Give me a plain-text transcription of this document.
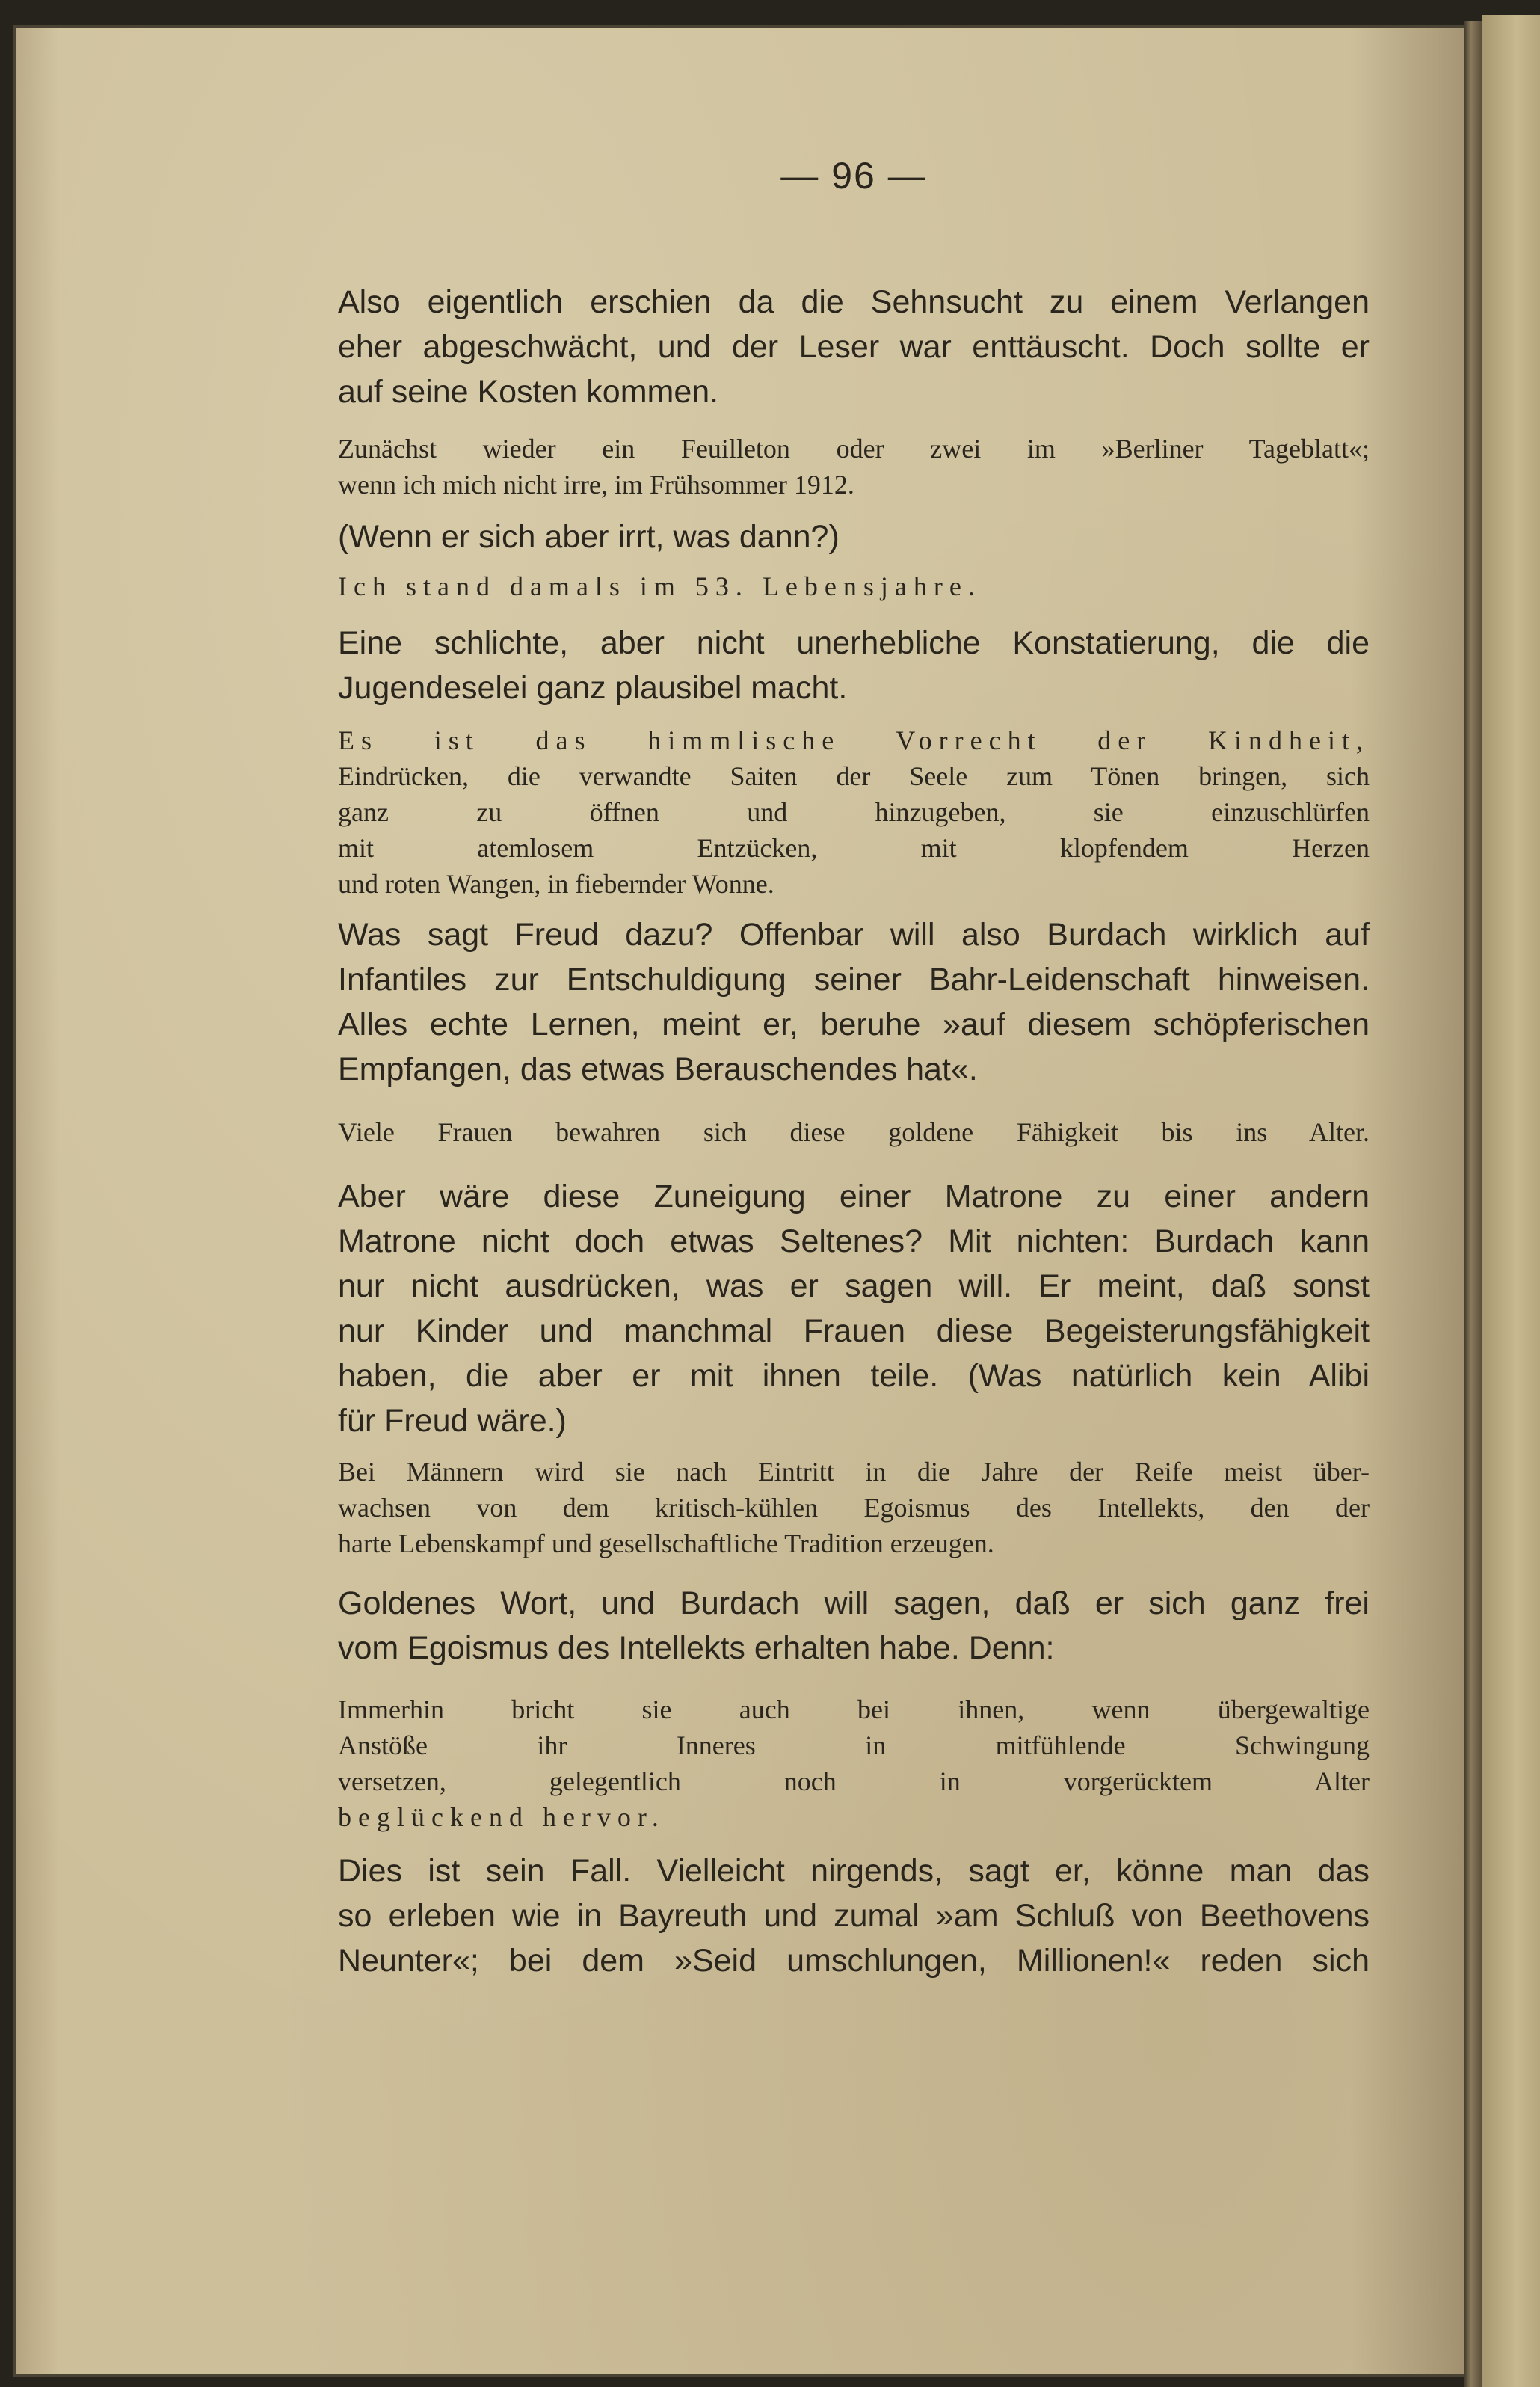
— 96 —
Also eigentlich erschien da die Sehnsucht zu einem Verlangen
eher abgeschwächt, und der Leser war enttäuscht. Doch sollte er
auf seine Kosten kommen.
Zunächst wieder ein Feuilleton oder zwei im »Berliner Tageblatt«;
wenn ich mich nicht irre, im Frühsommer 1912.
(Wenn er sich aber irrt, was dann?)
Ich stand damals im 53. Lebensjahre.
Eine schlichte, aber nicht unerhebliche Konstatierung, die die
Jugendeselei ganz plausibel macht.
Es ist das himmlische Vorrecht der Kindheit,
Eindrücken, die verwandte Saiten der Seele zum Tönen bringen, sich
ganz zu öffnen und hinzugeben, sie einzuschlürfen
mit atemlosem Entzücken, mit klopfendem Herzen
und roten Wangen, in fiebernder Wonne.
Was sagt Freud dazu? Offenbar will also Burdach wirklich auf
Infantiles zur Entschuldigung seiner Bahr-Leidenschaft hinweisen.
Alles echte Lernen, meint er, beruhe »auf diesem schöpferischen
Empfangen, das etwas Berauschendes hat«.
Viele Frauen bewahren sich diese goldene Fähigkeit bis ins Alter.
Aber wäre diese Zuneigung einer Matrone zu einer andern
Matrone nicht doch etwas Seltenes? Mit nichten: Burdach kann
nur nicht ausdrücken, was er sagen will. Er meint, daß sonst
nur Kinder und manchmal Frauen diese Begeisterungsfähigkeit
haben, die aber er mit ihnen teile. (Was natürlich kein Alibi
für Freud wäre.)
Bei Männern wird sie nach Eintritt in die Jahre der Reife meist über-
wachsen von dem kritisch-kühlen Egoismus des Intellekts, den der
harte Lebenskampf und gesellschaftliche Tradition erzeugen.
Goldenes Wort, und Burdach will sagen, daß er sich ganz frei
vom Egoismus des Intellekts erhalten habe. Denn:
Immerhin bricht sie auch bei ihnen, wenn übergewaltige
Anstöße ihr Inneres in mitfühlende Schwingung
versetzen, gelegentlich noch in vorgerücktem Alter
beglückend hervor.
Dies ist sein Fall. Vielleicht nirgends, sagt er, könne man das
so erleben wie in Bayreuth und zumal »am Schluß von Beethovens
Neunter«; bei dem »Seid umschlungen, Millionen!« reden sich
